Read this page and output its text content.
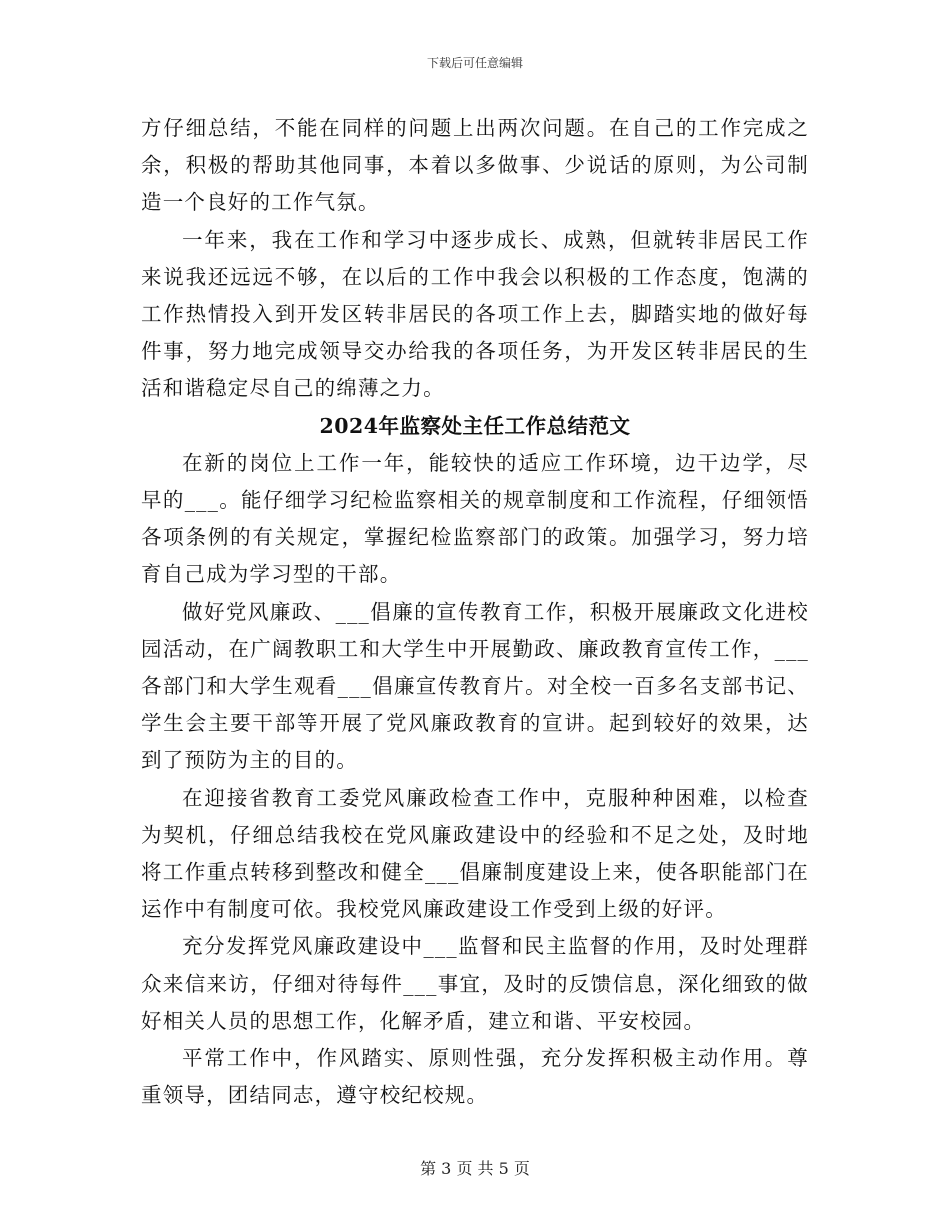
下载后可任意编辑

方仔细总结，不能在同样的问题上出两次问题。在自己的工作完成之余，积极的帮助其他同事，本着以多做事、少说话的原则，为公司制造一个良好的工作气氛。

一年来，我在工作和学习中逐步成长、成熟，但就转非居民工作来说我还远远不够，在以后的工作中我会以积极的工作态度，饱满的工作热情投入到开发区转非居民的各项工作上去，脚踏实地的做好每件事，努力地完成领导交办给我的各项任务，为开发区转非居民的生活和谐稳定尽自己的绵薄之力。

2024年监察处主任工作总结范文

在新的岗位上工作一年，能较快的适应工作环境，边干边学，尽早的___。能仔细学习纪检监察相关的规章制度和工作流程，仔细领悟各项条例的有关规定，掌握纪检监察部门的政策。加强学习，努力培育自己成为学习型的干部。

做好党风廉政、___倡廉的宣传教育工作，积极开展廉政文化进校园活动，在广阔教职工和大学生中开展勤政、廉政教育宣传工作，___各部门和大学生观看___倡廉宣传教育片。对全校一百多名支部书记、学生会主要干部等开展了党风廉政教育的宣讲。起到较好的效果，达到了预防为主的目的。

在迎接省教育工委党风廉政检查工作中，克服种种困难，以检查为契机，仔细总结我校在党风廉政建设中的经验和不足之处，及时地将工作重点转移到整改和健全___倡廉制度建设上来，使各职能部门在运作中有制度可依。我校党风廉政建设工作受到上级的好评。

充分发挥党风廉政建设中___监督和民主监督的作用，及时处理群众来信来访，仔细对待每件___事宜，及时的反馈信息，深化细致的做好相关人员的思想工作，化解矛盾，建立和谐、平安校园。

平常工作中，作风踏实、原则性强，充分发挥积极主动作用。尊重领导，团结同志，遵守校纪校规。

第 3 页 共 5 页
